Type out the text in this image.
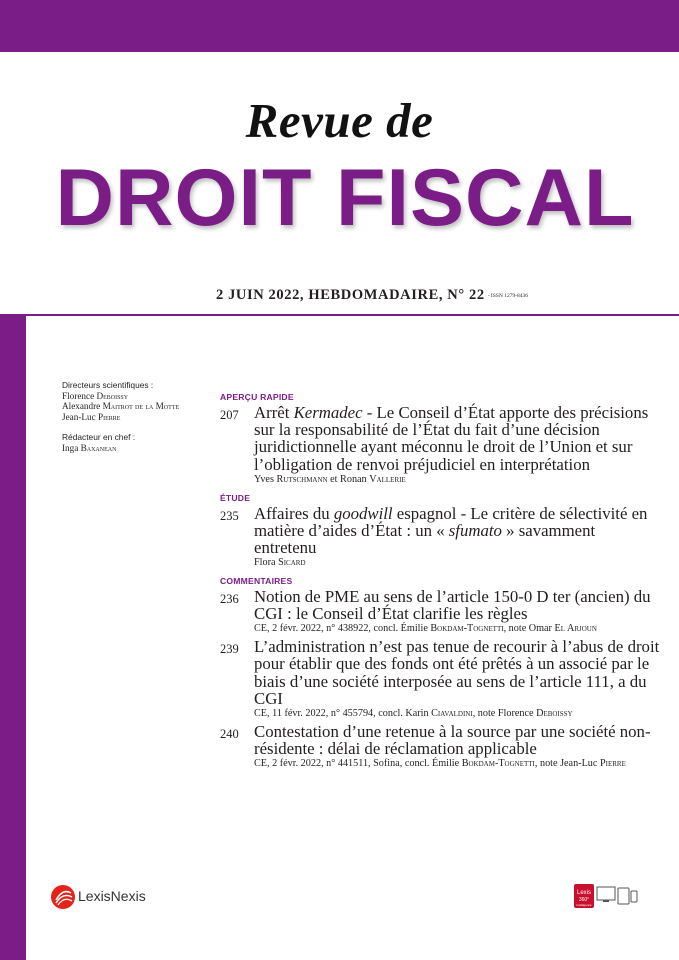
Revue de
DROIT FISCAL
2 JUIN 2022, HEBDOMADAIRE, N° 22 - ISSN 1279-8436
Directeurs scientifiques :
Florence Deboissy
Alexandre Maitrot de la Motte
Jean-Luc Pierre
Rédacteur en chef :
Inga Baxanean
APERÇU RAPIDE
207 Arrêt Kermadec - Le Conseil d’État apporte des précisions sur la responsabilité de l’État du fait d’une décision juridictionnelle ayant méconnu le droit de l’Union et sur l’obligation de renvoi préjudiciel en interprétation
Yves Rutschmann et Ronan Vallerie
ÉTUDE
235 Affaires du goodwill espagnol - Le critère de sélectivité en matière d’aides d’État : un « sfumato » savamment entretenu
Flora Sicard
COMMENTAIRES
236 Notion de PME au sens de l’article 150-0 D ter (ancien) du CGI : le Conseil d’État clarifie les règles
CE, 2 févr. 2022, n° 438922, concl. Émilie Bokdam-Tognetti, note Omar El Arjoun
239 L’administration n’est pas tenue de recourir à l’abus de droit pour établir que des fonds ont été prêtés à un associé par le biais d’une société interposée au sens de l’article 111, a du CGI
CE, 11 févr. 2022, n° 455794, concl. Karin Ciavaldini, note Florence Deboissy
240 Contestation d’une retenue à la source par une société non-résidente : délai de réclamation applicable
CE, 2 févr. 2022, n° 441511, Sofina, concl. Émilie Bokdam-Tognetti, note Jean-Luc Pierre
LexisNexis	Lexis
360°
Intelligence
